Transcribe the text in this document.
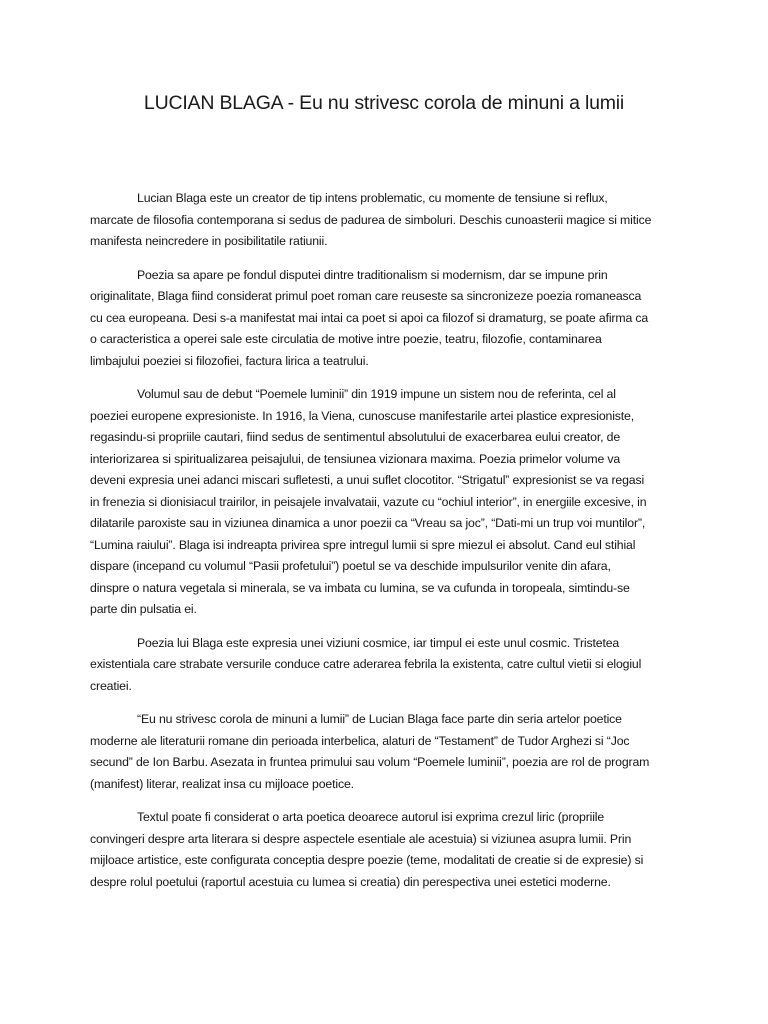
LUCIAN BLAGA - Eu nu strivesc corola de minuni a lumii

Lucian Blaga este un creator de tip intens problematic, cu momente de tensiune si reflux, marcate de filosofia contemporana si sedus de padurea de simboluri. Deschis cunoasterii magice si mitice manifesta neincredere in posibilitatile ratiunii.

Poezia sa apare pe fondul disputei dintre traditionalism si modernism, dar se impune prin originalitate, Blaga fiind considerat primul poet roman care reuseste sa sincronizeze poezia romaneasca cu cea europeana. Desi s-a manifestat mai intai ca poet si apoi ca filozof si dramaturg, se poate afirma ca o caracteristica a operei sale este circulatia de motive intre poezie, teatru, filozofie, contaminarea limbajului poeziei si filozofiei, factura lirica a teatrului.

Volumul sau de debut “Poemele luminii” din 1919 impune un sistem nou de referinta, cel al poeziei europene expresioniste. In 1916, la Viena, cunoscuse manifestarile artei plastice expresioniste, regasindu-si propriile cautari, fiind sedus de sentimentul absolutului de exacerbarea eului creator, de interiorizarea si spiritualizarea peisajului, de tensiunea vizionara maxima. Poezia primelor volume va deveni expresia unei adanci miscari sufletesti, a unui suflet clocotitor. “Strigatul” expresionist se va regasi in frenezia si dionisiacul trairilor, in peisajele invalvataii, vazute cu “ochiul interior”, in energiile excesive, in dilatarile paroxiste sau in viziunea dinamica a unor poezii ca “Vreau sa joc”, “Dati-mi un trup voi muntilor”, “Lumina raiului”. Blaga isi indreapta privirea spre intregul lumii si spre miezul ei absolut. Cand eul stihial dispare (incepand cu volumul “Pasii profetului”) poetul se va deschide impulsurilor venite din afara, dinspre o natura vegetala si minerala, se va imbata cu lumina, se va cufunda in toropeala, simtindu-se parte din pulsatia ei.

Poezia lui Blaga este expresia unei viziuni cosmice, iar timpul ei este unul cosmic. Tristetea existentiala care strabate versurile conduce catre aderarea febrila la existenta, catre cultul vietii si elogiul creatiei.

“Eu nu strivesc corola de minuni a lumii” de Lucian Blaga face parte din seria artelor poetice moderne ale literaturii romane din perioada interbelica, alaturi de “Testament” de Tudor Arghezi si “Joc secund” de Ion Barbu. Asezata in fruntea primului sau volum “Poemele luminii”, poezia are rol de program (manifest) literar, realizat insa cu mijloace poetice.

Textul poate fi considerat o arta poetica deoarece autorul isi exprima crezul liric (propriile convingeri despre arta literara si despre aspectele esentiale ale acestuia) si viziunea asupra lumii. Prin mijloace artistice, este configurata conceptia despre poezie (teme, modalitati de creatie si de expresie) si despre rolul poetului (raportul acestuia cu lumea si creatia) din perespectiva unei estetici moderne.
